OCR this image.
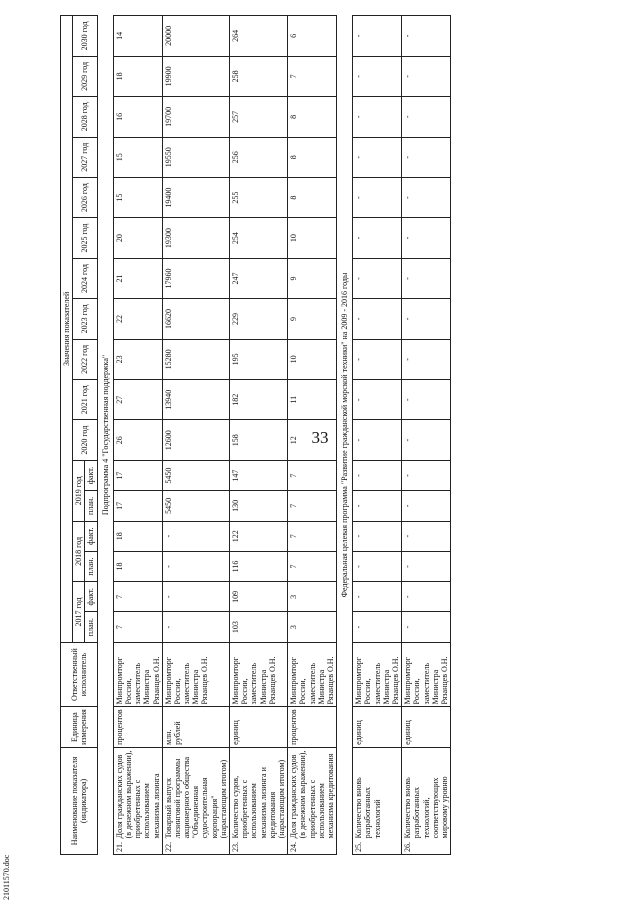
33
21011570.doc
Наименование показателя (индикатора)		Единица измерения	Ответственный исполнитель	Значения показателей																
				2017 год		2018 год		2019 год		2020 год	2021 год	2022 год	2023 год	2024 год	2025 год	2026 год	2027 год	2028 год	2029 год	2030 год
				план.	факт.	план.	факт.	план.	факт.											
Подпрограмма 4 "Государственная поддержка"																				
21.	Доля гражданских судов (в денежном выражении), приобретенных с использованием механизма лизинга	процентов	Минпромторг России, заместитель Министра Рязанцев О.Н.	7	7	18	18	17	17	26	27	23	22	21	20	15	15	16	18	14
22.	Товарный выпуск лизинговой программы акционерного общества "Объединенная судостроительная корпорация" (нарастающим итогом)	млн. рублей	Минпромторг России, заместитель Министра Рязанцев О.Н.	-	-	-	-	5450	5450	12600	13940	15280	16620	17960	19300	19400	19550	19700	19900	20000
23.	Количество судов, приобретенных с использованием механизма лизинга и кредитования (нарастающим итогом)	единиц	Минпромторг России, заместитель Министра Рязанцев О.Н.	103	109	116	122	130	147	158	182	195	229	247	254	255	256	257	258	264
24.	Доля гражданских судов (в денежном выражении), приобретенных с использованием механизма кредитования	процентов	Минпромторг России, заместитель Министра Рязанцев О.Н.	3	3	7	7	7	7	12	11	10	9	9	10	8	8	8	7	6
Федеральная целевая программа "Развитие гражданской морской техники" на 2009 - 2016 годы																				
25.	Количество вновь разработанных технологий	единиц	Минпромторг России, заместитель Министра Рязанцев О.Н.	-	-	-	-	-	-	-	-	-	-	-	-	-	-	-	-	-
26.	Количество вновь разработанных технологий, соответствующих мировому уровню	единиц	Минпромторг России, заместитель Министра Рязанцев О.Н.	-	-	-	-	-	-	-	-	-	-	-	-	-	-	-	-	-
